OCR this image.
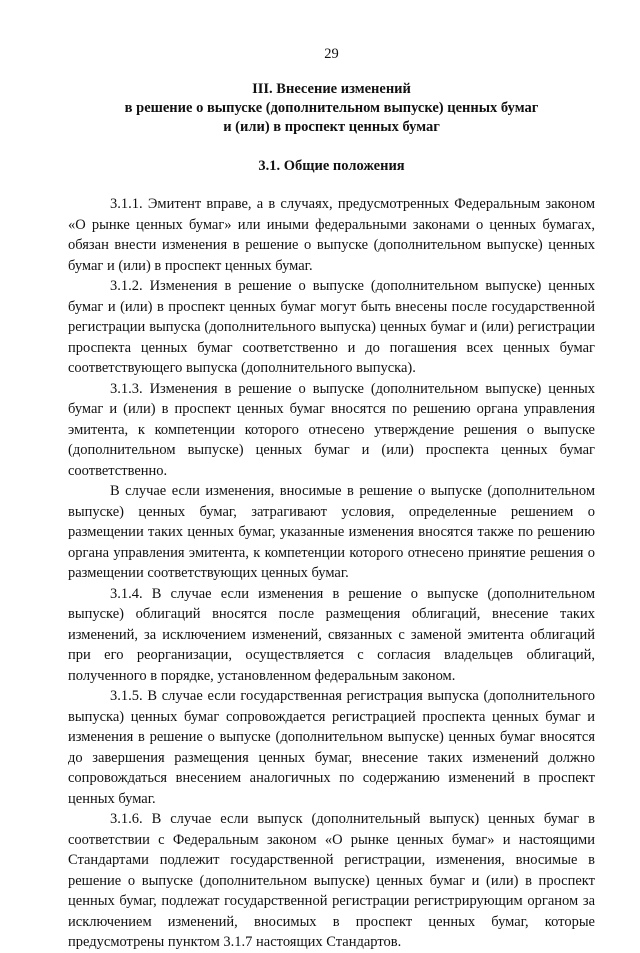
29
III. Внесение изменений
в решение о выпуске (дополнительном выпуске) ценных бумаг
и (или) в проспект ценных бумаг
3.1. Общие положения

3.1.1. Эмитент вправе, а в случаях, предусмотренных Федеральным законом «О рынке ценных бумаг» или иными федеральными законами о ценных бумагах, обязан внести изменения в решение о выпуске (дополнительном выпуске) ценных бумаг и (или) в проспект ценных бумаг.

3.1.2. Изменения в решение о выпуске (дополнительном выпуске) ценных бумаг и (или) в проспект ценных бумаг могут быть внесены после государственной регистрации выпуска (дополнительного выпуска) ценных бумаг и (или) регистрации проспекта ценных бумаг соответственно и до погашения всех ценных бумаг соответствующего выпуска (дополнительного выпуска).

3.1.3. Изменения в решение о выпуске (дополнительном выпуске) ценных бумаг и (или) в проспект ценных бумаг вносятся по решению органа управления эмитента, к компетенции которого отнесено утверждение решения о выпуске (дополнительном выпуске) ценных бумаг и (или) проспекта ценных бумаг соответственно.

В случае если изменения, вносимые в решение о выпуске (дополнительном выпуске) ценных бумаг, затрагивают условия, определенные решением о размещении таких ценных бумаг, указанные изменения вносятся также по решению органа управления эмитента, к компетенции которого отнесено принятие решения о размещении соответствующих ценных бумаг.

3.1.4. В случае если изменения в решение о выпуске (дополнительном выпуске) облигаций вносятся после размещения облигаций, внесение таких изменений, за исключением изменений, связанных с заменой эмитента облигаций при его реорганизации, осуществляется с согласия владельцев облигаций, полученного в порядке, установленном федеральным законом.

3.1.5. В случае если государственная регистрация выпуска (дополнительного выпуска) ценных бумаг сопровождается регистрацией проспекта ценных бумаг и изменения в решение о выпуске (дополнительном выпуске) ценных бумаг вносятся до завершения размещения ценных бумаг, внесение таких изменений должно сопровождаться внесением аналогичных по содержанию изменений в проспект ценных бумаг.

3.1.6. В случае если выпуск (дополнительный выпуск) ценных бумаг в соответствии с Федеральным законом «О рынке ценных бумаг» и настоящими Стандартами подлежит государственной регистрации, изменения, вносимые в решение о выпуске (дополнительном выпуске) ценных бумаг и (или) в проспект ценных бумаг, подлежат государственной регистрации регистрирующим органом за исключением изменений, вносимых в проспект ценных бумаг, которые предусмотрены пунктом 3.1.7 настоящих Стандартов.
